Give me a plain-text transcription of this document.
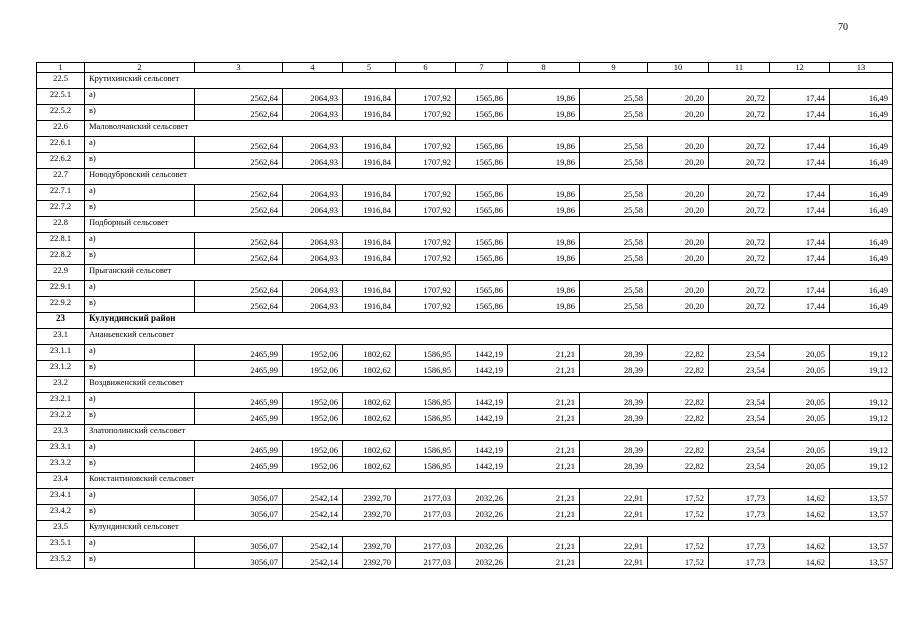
70
1	2	3	4	5	6	7	8	9	10	11	12	13
22.5	Крутихинский сельсовет											
22.5.1	а)	2562,64	2064,93	1916,84	1707,92	1565,86	19,86	25,58	20,20	20,72	17,44	16,49
22.5.2	в)	2562,64	2064,93	1916,84	1707,92	1565,86	19,86	25,58	20,20	20,72	17,44	16,49
22.6	Маловолчанский сельсовет											
22.6.1	а)	2562,64	2064,93	1916,84	1707,92	1565,86	19,86	25,58	20,20	20,72	17,44	16,49
22.6.2	в)	2562,64	2064,93	1916,84	1707,92	1565,86	19,86	25,58	20,20	20,72	17,44	16,49
22.7	Новодубровский сельсовет											
22.7.1	а)	2562,64	2064,93	1916,84	1707,92	1565,86	19,86	25,58	20,20	20,72	17,44	16,49
22.7.2	в)	2562,64	2064,93	1916,84	1707,92	1565,86	19,86	25,58	20,20	20,72	17,44	16,49
22.8	Подборный сельсовет											
22.8.1	а)	2562,64	2064,93	1916,84	1707,92	1565,86	19,86	25,58	20,20	20,72	17,44	16,49
22.8.2	в)	2562,64	2064,93	1916,84	1707,92	1565,86	19,86	25,58	20,20	20,72	17,44	16,49
22.9	Прыганский сельсовет											
22.9.1	а)	2562,64	2064,93	1916,84	1707,92	1565,86	19,86	25,58	20,20	20,72	17,44	16,49
22.9.2	в)	2562,64	2064,93	1916,84	1707,92	1565,86	19,86	25,58	20,20	20,72	17,44	16,49
23	Кулундинский район											
23.1	Ананьевский сельсовет											
23.1.1	а)	2465,99	1952,06	1802,62	1586,95	1442,19	21,21	28,39	22,82	23,54	20,05	19,12
23.1.2	в)	2465,99	1952,06	1802,62	1586,95	1442,19	21,21	28,39	22,82	23,54	20,05	19,12
23.2	Воздвиженский сельсовет											
23.2.1	а)	2465,99	1952,06	1802,62	1586,95	1442,19	21,21	28,39	22,82	23,54	20,05	19,12
23.2.2	в)	2465,99	1952,06	1802,62	1586,95	1442,19	21,21	28,39	22,82	23,54	20,05	19,12
23.3	Златополинский сельсовет											
23.3.1	а)	2465,99	1952,06	1802,62	1586,95	1442,19	21,21	28,39	22,82	23,54	20,05	19,12
23.3.2	в)	2465,99	1952,06	1802,62	1586,95	1442,19	21,21	28,39	22,82	23,54	20,05	19,12
23.4	Константиновский сельсовет											
23.4.1	а)	3056,07	2542,14	2392,70	2177,03	2032,26	21,21	22,91	17,52	17,73	14,62	13,57
23.4.2	в)	3056,07	2542,14	2392,70	2177,03	2032,26	21,21	22,91	17,52	17,73	14,62	13,57
23.5	Кулундинский сельсовет											
23.5.1	а)	3056,07	2542,14	2392,70	2177,03	2032,26	21,21	22,91	17,52	17,73	14,62	13,57
23.5.2	в)	3056,07	2542,14	2392,70	2177,03	2032,26	21,21	22,91	17,52	17,73	14,62	13,57
